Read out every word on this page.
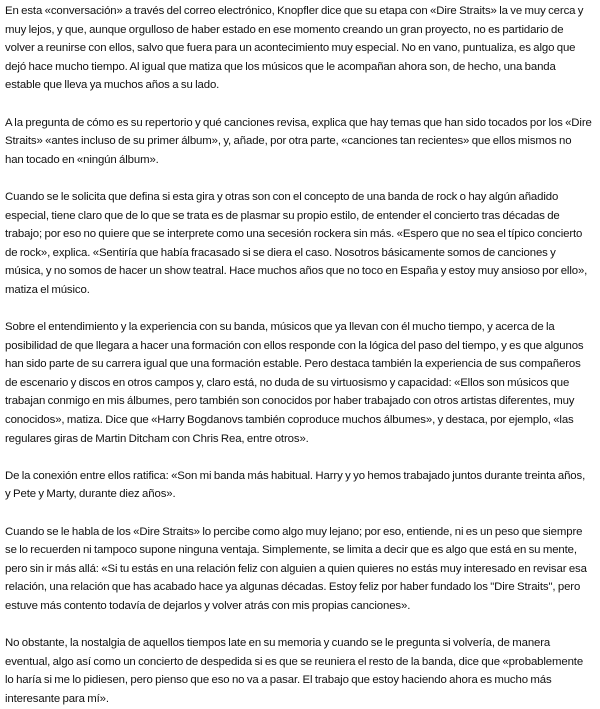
En esta «conversación» a través del correo electrónico, Knopfler dice que su etapa con «Dire Straits» la ve muy cerca y muy lejos, y que, aunque orgulloso de haber estado en ese momento creando un gran proyecto, no es partidario de volver a reunirse con ellos, salvo que fuera para un acontecimiento muy especial. No en vano, puntualiza, es algo que dejó hace mucho tiempo. Al igual que matiza que los músicos que le acompañan ahora son, de hecho, una banda estable que lleva ya muchos años a su lado.

A la pregunta de cómo es su repertorio y qué canciones revisa, explica que hay temas que han sido tocados por los «Dire Straits» «antes incluso de su primer álbum», y, añade, por otra parte, «canciones tan recientes» que ellos mismos no han tocado en «ningún álbum».

Cuando se le solicita que defina si esta gira y otras son con el concepto de una banda de rock o hay algún añadido especial, tiene claro que de lo que se trata es de plasmar su propio estilo, de entender el concierto tras décadas de trabajo; por eso no quiere que se interprete como una secesión rockera sin más. «Espero que no sea el típico concierto de rock», explica. «Sentiría que había fracasado si se diera el caso. Nosotros básicamente somos de canciones y música, y no somos de hacer un show teatral. Hace muchos años que no toco en España y estoy muy ansioso por ello», matiza el músico.

Sobre el entendimiento y la experiencia con su banda, músicos que ya llevan con él mucho tiempo, y acerca de la posibilidad de que llegara a hacer una formación con ellos responde con la lógica del paso del tiempo, y es que algunos han sido parte de su carrera igual que una formación estable. Pero destaca también la experiencia de sus compañeros de escenario y discos en otros campos y, claro está, no duda de su virtuosismo y capacidad: «Ellos son músicos que trabajan conmigo en mis álbumes, pero también son conocidos por haber trabajado con otros artistas diferentes, muy conocidos», matiza. Dice que «Harry Bogdanovs también coproduce muchos álbumes», y destaca, por ejemplo, «las regulares giras de Martin Ditcham con Chris Rea, entre otros».

De la conexión entre ellos ratifica: «Son mi banda más habitual. Harry y yo hemos trabajado juntos durante treinta años, y Pete y Marty, durante diez años».

Cuando se le habla de los «Dire Straits» lo percibe como algo muy lejano; por eso, entiende, ni es un peso que siempre se lo recuerden ni tampoco supone ninguna ventaja. Simplemente, se limita a decir que es algo que está en su mente, pero sin ir más allá: «Si tu estás en una relación feliz con alguien a quien quieres no estás muy interesado en revisar esa relación, una relación que has acabado hace ya algunas décadas. Estoy feliz por haber fundado los "Dire Straits", pero estuve más contento todavía de dejarlos y volver atrás con mis propias canciones».

No obstante, la nostalgia de aquellos tiempos late en su memoria y cuando se le pregunta si volvería, de manera eventual, algo así como un concierto de despedida si es que se reuniera el resto de la banda, dice que «probablemente lo haría si me lo pidiesen, pero pienso que eso no va a pasar. El trabajo que estoy haciendo ahora es mucho más interesante para mí».
